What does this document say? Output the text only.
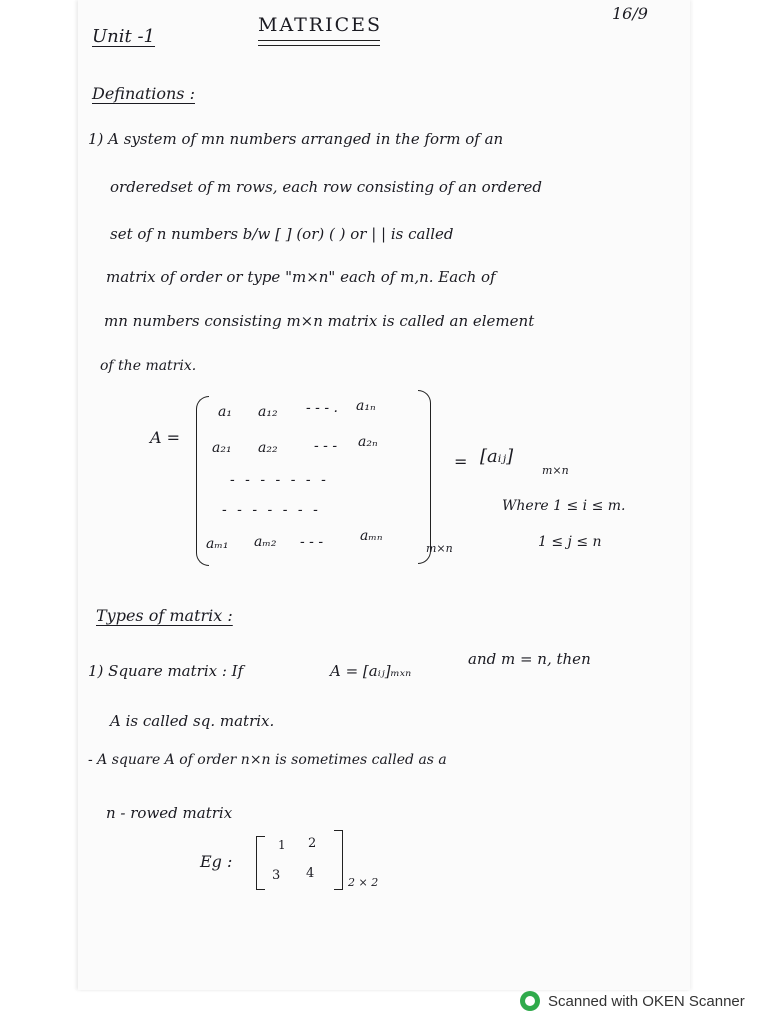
Unit -1
MATRICES
16/9
Definations :
1) A system of mn numbers arranged in the form of an
orderedset of m rows, each row consisting of an ordered
set of n numbers b/w [ ] (or) ( ) or | | is called
matrix of order or type "m×n" each of m,n. Each of
mn numbers consisting m×n matrix is called an element
of the matrix.
A =
a₁ a₁₂ - - - . a₁ₙ
a₂₁ a₂₂	- - - a₂ₙ
- - - - - - -
- - - - - - -
aₘ₁ aₘ₂ - - -	aₘₙ
m×n
= [aᵢⱼ]
m×n
Where 1 ≤ i ≤ m.
1 ≤ j ≤ n
Types of matrix :
1) Square matrix : If	A = [aᵢⱼ]ₘₓₙ
and m = n, then
A is called sq. matrix.
- A square A of order n×n is sometimes called as a
n - rowed matrix
Eg :
1 2
3 4
2 × 2
Scanned with OKEN Scanner
